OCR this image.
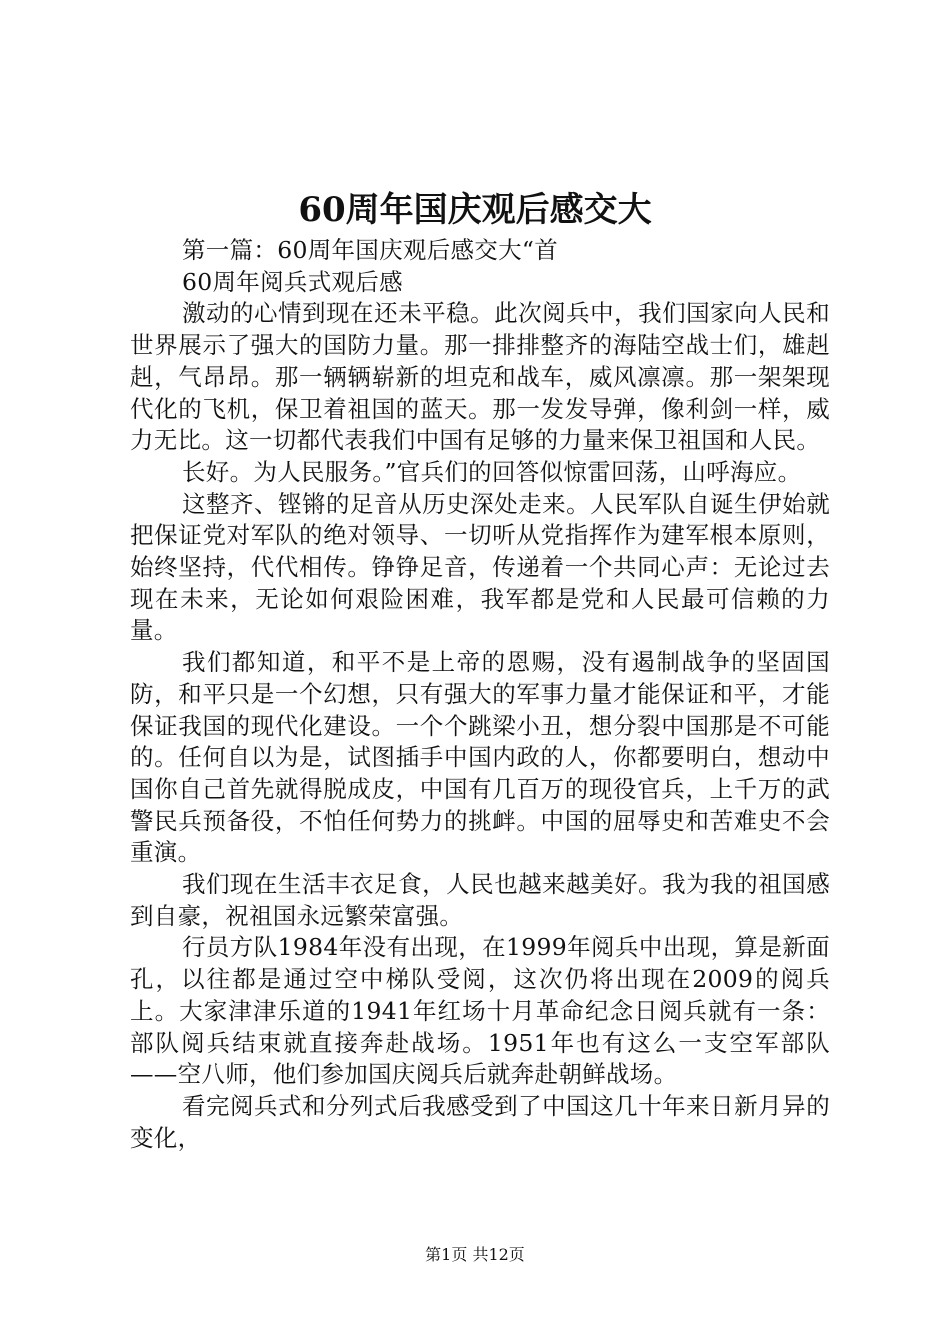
60周年国庆观后感交大

第一篇：60周年国庆观后感交大“首

60周年阅兵式观后感

激动的心情到现在还未平稳。此次阅兵中，我们国家向人民和世界展示了强大的国防力量。那一排排整齐的海陆空战士们，雄赳赳，气昂昂。那一辆辆崭新的坦克和战车，威风凛凛。那一架架现代化的飞机，保卫着祖国的蓝天。那一发发导弹，像利剑一样，威力无比。这一切都代表我们中国有足够的力量来保卫祖国和人民。

长好。为人民服务。”官兵们的回答似惊雷回荡，山呼海应。

这整齐、铿锵的足音从历史深处走来。人民军队自诞生伊始就把保证党对军队的绝对领导、一切听从党指挥作为建军根本原则，始终坚持，代代相传。铮铮足音，传递着一个共同心声：无论过去现在未来，无论如何艰险困难，我军都是党和人民最可信赖的力量。

我们都知道，和平不是上帝的恩赐，没有遏制战争的坚固国防，和平只是一个幻想，只有强大的军事力量才能保证和平，才能保证我国的现代化建设。一个个跳梁小丑，想分裂中国那是不可能的。任何自以为是，试图插手中国内政的人，你都要明白，想动中国你自己首先就得脱成皮，中国有几百万的现役官兵，上千万的武警民兵预备役，不怕任何势力的挑衅。中国的屈辱史和苦难史不会重演。

我们现在生活丰衣足食，人民也越来越美好。我为我的祖国感到自豪，祝祖国永远繁荣富强。

行员方队1984年没有出现，在1999年阅兵中出现，算是新面孔，以往都是通过空中梯队受阅，这次仍将出现在2009的阅兵上。大家津津乐道的1941年红场十月革命纪念日阅兵就有一条：部队阅兵结束就直接奔赴战场。1951年也有这么一支空军部队——空八师，他们参加国庆阅兵后就奔赴朝鲜战场。

看完阅兵式和分列式后我感受到了中国这几十年来日新月异的变化，

第1页 共12页
